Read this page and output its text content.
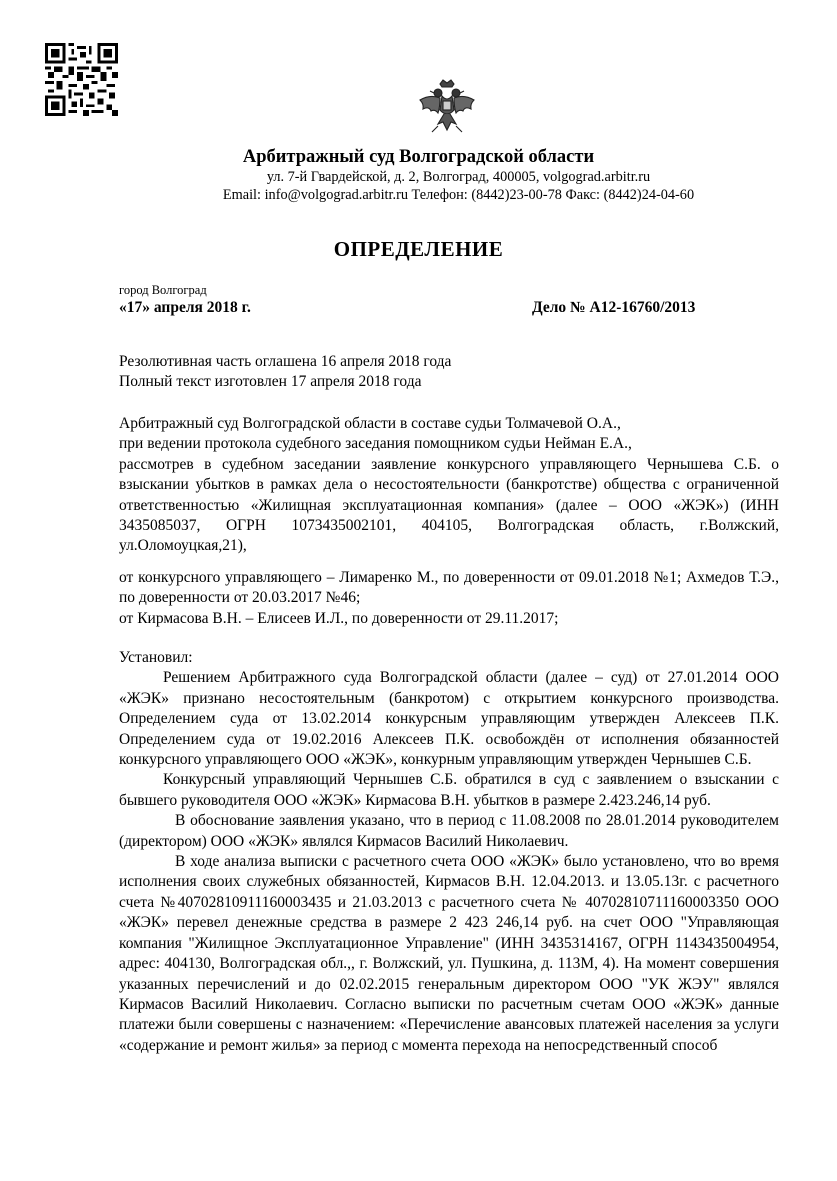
Арбитражный суд Волгоградской области
ул. 7-й Гвардейской, д. 2, Волгоград, 400005, volgograd.arbitr.ru
Email: info@volgograd.arbitr.ru Телефон: (8442)23-00-78 Факс: (8442)24-04-60
ОПРЕДЕЛЕНИЕ
город Волгоград
«17» апреля 2018 г.	Дело № А12-16760/2013

Резолютивная часть оглашена 16 апреля 2018 года

Полный текст изготовлен 17 апреля 2018 года

Арбитражный суд Волгоградской области в составе судьи Толмачевой О.А.,

при ведении протокола судебного заседания помощником судьи Нейман Е.А.,

рассмотрев в судебном заседании заявление конкурсного управляющего Чернышева С.Б. о взыскании убытков в рамках дела о несостоятельности (банкротстве) общества с ограниченной ответственностью «Жилищная эксплуатационная компания» (далее – ООО «ЖЭК») (ИНН 3435085037, ОГРН 1073435002101, 404105, Волгоградская область, г.Волжский, ул.Оломоуцкая,21),

от конкурсного управляющего – Лимаренко М., по доверенности от 09.01.2018 №1; Ахмедов Т.Э., по доверенности от 20.03.2017 №46;

от Кирмасова В.Н. – Елисеев И.Л., по доверенности от 29.11.2017;

Установил:

Решением Арбитражного суда Волгоградской области (далее – суд) от 27.01.2014 ООО «ЖЭК» признано несостоятельным (банкротом) с открытием конкурсного производства. Определением суда от 13.02.2014 конкурсным управляющим утвержден Алексеев П.К. Определением суда от 19.02.2016 Алексеев П.К. освобождён от исполнения обязанностей конкурсного управляющего ООО «ЖЭК», конкурным управляющим утвержден Чернышев С.Б.

Конкурсный управляющий Чернышев С.Б. обратился в суд с заявлением о взыскании с бывшего руководителя ООО «ЖЭК» Кирмасова В.Н. убытков в размере 2.423.246,14 руб.

В обоснование заявления указано, что в период с 11.08.2008 по 28.01.2014 руководителем (директором) ООО «ЖЭК» являлся Кирмасов Василий Николаевич.

В ходе анализа выписки с расчетного счета ООО «ЖЭК» было установлено, что во время исполнения своих служебных обязанностей, Кирмасов В.Н. 12.04.2013. и 13.05.13г. с расчетного счета №40702810911160003435 и 21.03.2013 с расчетного счета № 40702810711160003350 ООО «ЖЭК» перевел денежные средства в размере 2 423 246,14 руб. на счет ООО "Управляющая компания "Жилищное Эксплуатационное Управление" (ИНН 3435314167, ОГРН 1143435004954, адрес: 404130, Волгоградская обл.,, г. Волжский, ул. Пушкина, д. 113М, 4). На момент совершения указанных перечислений и до 02.02.2015 генеральным директором ООО "УК ЖЭУ" являлся Кирмасов Василий Николаевич. Согласно выписки по расчетным счетам ООО «ЖЭК» данные платежи были совершены с назначением: «Перечисление авансовых платежей населения за услуги «содержание и ремонт жилья» за период с момента перехода на непосредственный способ
